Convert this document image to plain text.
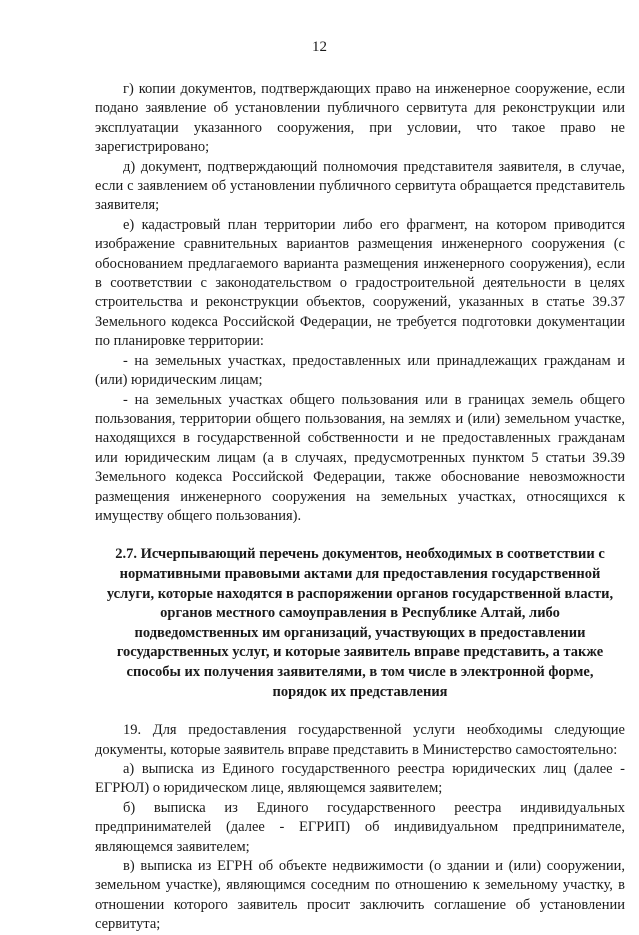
12

г) копии документов, подтверждающих право на инженерное сооружение, если подано заявление об установлении публичного сервитута для реконструкции или эксплуатации указанного сооружения, при условии, что такое право не зарегистрировано;

д) документ, подтверждающий полномочия представителя заявителя, в случае, если с заявлением об установлении публичного сервитута обращается представитель заявителя;

е) кадастровый план территории либо его фрагмент, на котором приводится изображение сравнительных вариантов размещения инженерного сооружения (с обоснованием предлагаемого варианта размещения инженерного сооружения), если в соответствии с законодательством о градостроительной деятельности в целях строительства и реконструкции объектов, сооружений, указанных в статье 39.37 Земельного кодекса Российской Федерации, не требуется подготовки документации по планировке территории:

- на земельных участках, предоставленных или принадлежащих гражданам и (или) юридическим лицам;

- на земельных участках общего пользования или в границах земель общего пользования, территории общего пользования, на землях и (или) земельном участке, находящихся в государственной собственности и не предоставленных гражданам или юридическим лицам (а в случаях, предусмотренных пунктом 5 статьи 39.39 Земельного кодекса Российской Федерации, также обоснование невозможности размещения инженерного сооружения на земельных участках, относящихся к имуществу общего пользования).

2.7. Исчерпывающий перечень документов, необходимых в соответствии с нормативными правовыми актами для предоставления государственной услуги, которые находятся в распоряжении органов государственной власти, органов местного самоуправления в Республике Алтай, либо подведомственных им организаций, участвующих в предоставлении государственных услуг, и которые заявитель вправе представить, а также способы их получения заявителями, в том числе в электронной форме, порядок их представления

19. Для предоставления государственной услуги необходимы следующие документы, которые заявитель вправе представить в Министерство самостоятельно:

а) выписка из Единого государственного реестра юридических лиц (далее - ЕГРЮЛ) о юридическом лице, являющемся заявителем;

б) выписка из Единого государственного реестра индивидуальных предпринимателей (далее - ЕГРИП) об индивидуальном предпринимателе, являющемся заявителем;

в) выписка из ЕГРН об объекте недвижимости (о здании и (или) сооружении, земельном участке), являющимся соседним по отношению к земельному участку, в отношении которого заявитель просит заключить соглашение об установлении сервитута;
